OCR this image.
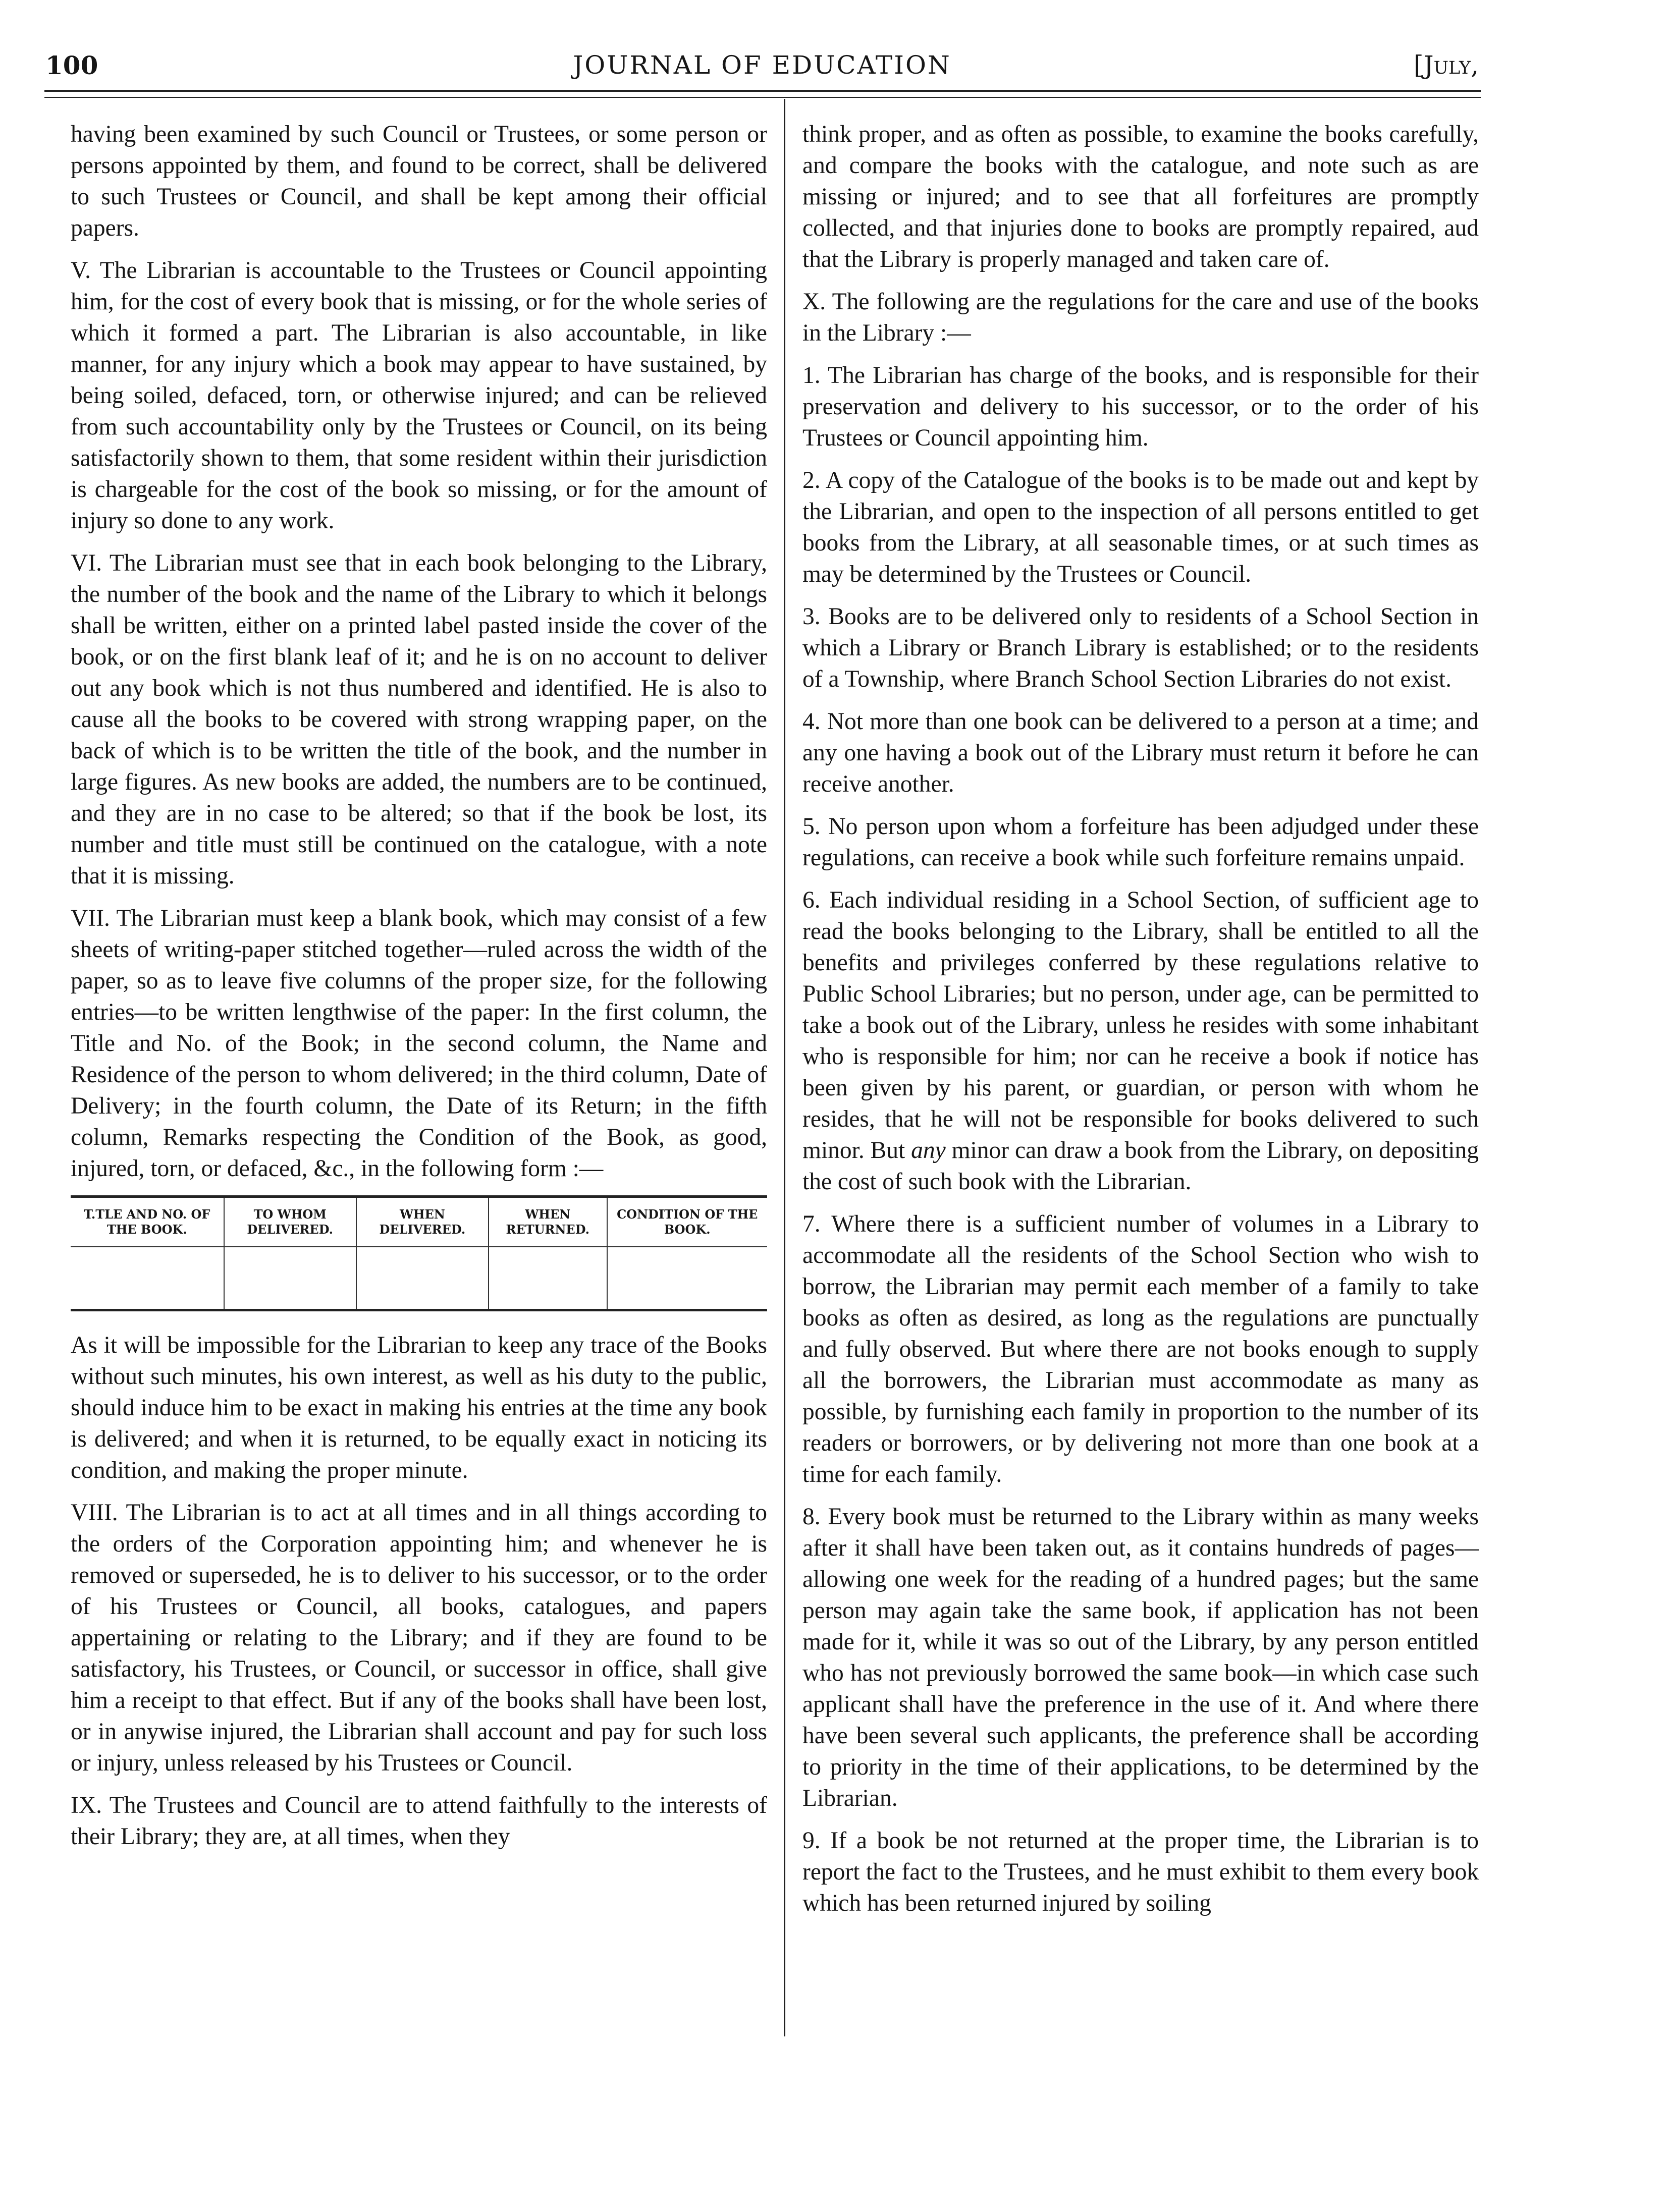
100	JOURNAL OF EDUCATION	[July,

having been examined by such Council or Trustees, or some person or persons appointed by them, and found to be correct, shall be delivered to such Trustees or Council, and shall be kept among their official papers.

V. The Librarian is accountable to the Trustees or Council appointing him, for the cost of every book that is missing, or for the whole series of which it formed a part. The Librarian is also accountable, in like manner, for any injury which a book may appear to have sustained, by being soiled, defaced, torn, or otherwise injured; and can be relieved from such accountability only by the Trustees or Council, on its being satisfactorily shown to them, that some resident within their jurisdiction is chargeable for the cost of the book so missing, or for the amount of injury so done to any work.

VI. The Librarian must see that in each book belonging to the Library, the number of the book and the name of the Library to which it belongs shall be written, either on a printed label pasted inside the cover of the book, or on the first blank leaf of it; and he is on no account to deliver out any book which is not thus numbered and identified. He is also to cause all the books to be covered with strong wrapping paper, on the back of which is to be written the title of the book, and the number in large figures. As new books are added, the numbers are to be continued, and they are in no case to be altered; so that if the book be lost, its number and title must still be continued on the catalogue, with a note that it is missing.

VII. The Librarian must keep a blank book, which may consist of a few sheets of writing-paper stitched together—ruled across the width of the paper, so as to leave five columns of the proper size, for the following entries—to be written lengthwise of the paper: In the first column, the Title and No. of the Book; in the second column, the Name and Residence of the person to whom delivered; in the third column, Date of Delivery; in the fourth column, the Date of its Return; in the fifth column, Remarks respecting the Condition of the Book, as good, injured, torn, or defaced, &c., in the following form :—

T.TLE AND NO. OF THE BOOK.	TO WHOM DELIVERED.	WHEN DELIVERED.	WHEN RETURNED.	CONDITION OF THE BOOK.

As it will be impossible for the Librarian to keep any trace of the Books without such minutes, his own interest, as well as his duty to the public, should induce him to be exact in making his entries at the time any book is delivered; and when it is returned, to be equally exact in noticing its condition, and making the proper minute.

VIII. The Librarian is to act at all times and in all things according to the orders of the Corporation appointing him; and whenever he is removed or superseded, he is to deliver to his successor, or to the order of his Trustees or Council, all books, catalogues, and papers appertaining or relating to the Library; and if they are found to be satisfactory, his Trustees, or Council, or successor in office, shall give him a receipt to that effect. But if any of the books shall have been lost, or in anywise injured, the Librarian shall account and pay for such loss or injury, unless released by his Trustees or Council.

IX. The Trustees and Council are to attend faithfully to the interests of their Library; they are, at all times, when they

think proper, and as often as possible, to examine the books carefully, and compare the books with the catalogue, and note such as are missing or injured; and to see that all forfeitures are promptly collected, and that injuries done to books are promptly repaired, aud that the Library is properly managed and taken care of.

X. The following are the regulations for the care and use of the books in the Library :—

1. The Librarian has charge of the books, and is responsible for their preservation and delivery to his successor, or to the order of his Trustees or Council appointing him.

2. A copy of the Catalogue of the books is to be made out and kept by the Librarian, and open to the inspection of all persons entitled to get books from the Library, at all seasonable times, or at such times as may be determined by the Trustees or Council.

3. Books are to be delivered only to residents of a School Section in which a Library or Branch Library is established; or to the residents of a Township, where Branch School Section Libraries do not exist.

4. Not more than one book can be delivered to a person at a time; and any one having a book out of the Library must return it before he can receive another.

5. No person upon whom a forfeiture has been adjudged under these regulations, can receive a book while such forfeiture remains unpaid.

6. Each individual residing in a School Section, of sufficient age to read the books belonging to the Library, shall be entitled to all the benefits and privileges conferred by these regulations relative to Public School Libraries; but no person, under age, can be permitted to take a book out of the Library, unless he resides with some inhabitant who is responsible for him; nor can he receive a book if notice has been given by his parent, or guardian, or person with whom he resides, that he will not be responsible for books delivered to such minor. But any minor can draw a book from the Library, on depositing the cost of such book with the Librarian.

7. Where there is a sufficient number of volumes in a Library to accommodate all the residents of the School Section who wish to borrow, the Librarian may permit each member of a family to take books as often as desired, as long as the regulations are punctually and fully observed. But where there are not books enough to supply all the borrowers, the Librarian must accommodate as many as possible, by furnishing each family in proportion to the number of its readers or borrowers, or by delivering not more than one book at a time for each family.

8. Every book must be returned to the Library within as many weeks after it shall have been taken out, as it contains hundreds of pages—allowing one week for the reading of a hundred pages; but the same person may again take the same book, if application has not been made for it, while it was so out of the Library, by any person entitled who has not previously borrowed the same book—in which case such applicant shall have the preference in the use of it. And where there have been several such applicants, the preference shall be according to priority in the time of their applications, to be determined by the Librarian.

9. If a book be not returned at the proper time, the Librarian is to report the fact to the Trustees, and he must exhibit to them every book which has been returned injured by soiling
